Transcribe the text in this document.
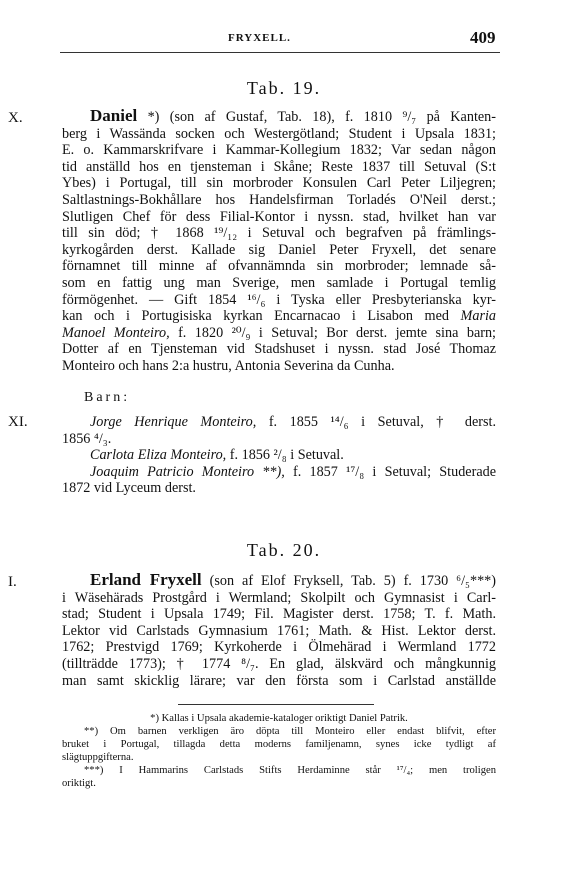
FRYXELL.	409
Tab. 19.
X.	Daniel *) (son af Gustaf, Tab. 18), f. 1810 ⁹/₇ på Kanten-
berg i Wassända socken och Westergötland; Student i Upsala 1831;
E. o. Kammarskrifvare i Kammar-Kollegium 1832; Var sedan någon
tid anställd hos en tjensteman i Skåne; Reste 1837 till Setuval (S:t
Ybes) i Portugal, till sin morbroder Konsulen Carl Peter Liljegren;
Saltlastnings-Bokhållare hos Handelsfirman Torladés O'Neil derst.;
Slutligen Chef för dess Filial-Kontor i nyssn. stad, hvilket han var
till sin död; † 1868 ¹⁹/₁₂ i Setuval och begrafven på främlings-
kyrkogården derst. Kallade sig Daniel Peter Fryxell, det senare
förnamnet till minne af ofvannämnda sin morbroder; lemnade så-
som en fattig ung man Sverige, men samlade i Portugal temlig
förmögenhet. — Gift 1854 ¹⁶/₆ i Tyska eller Presbyterianska kyr-
kan och i Portugisiska kyrkan Encarnacao i Lisabon med Maria
Manoel Monteiro, f. 1820 ²⁰/₉ i Setuval; Bor derst. jemte sina barn;
Dotter af en Tjensteman vid Stadshuset i nyssn. stad José Thomaz
Monteiro och hans 2:a hustru, Antonia Severina da Cunha.
Barn:
XI.	Jorge Henrique Monteiro, f. 1855 ¹⁴/₆ i Setuval, † derst.
1856 ⁴/₃.
Carlota Eliza Monteiro, f. 1856 ²/₈ i Setuval.
Joaquim Patricio Monteiro **), f. 1857 ¹⁷/₈ i Setuval; Studerade
1872 vid Lyceum derst.
Tab. 20.
I.	Erland Fryxell (son af Elof Fryksell, Tab. 5) f. 1730 ⁶/₅***)
i Wäsehärads Prostgård i Wermland; Skolpilt och Gymnasist i Carl-
stad; Student i Upsala 1749; Fil. Magister derst. 1758; T. f. Math.
Lektor vid Carlstads Gymnasium 1761; Math. & Hist. Lektor derst.
1762; Prestvigd 1769; Kyrkoherde i Ölmehärad i Wermland 1772
(tillträdde 1773); † 1774 ⁸/₇. En glad, älskvärd och mångkunnig
man samt skicklig lärare; var den första som i Carlstad anställde
*) Kallas i Upsala akademie-kataloger oriktigt Daniel Patrik.
**) Om barnen verkligen äro döpta till Monteiro eller endast blifvit, efter
bruket i Portugal, tillagda detta moderns familjenamn, synes icke tydligt af
slägtuppgifterna.
***) I Hammarins Carlstads Stifts Herdaminne står ¹⁷/₄; men troligen
oriktigt.
